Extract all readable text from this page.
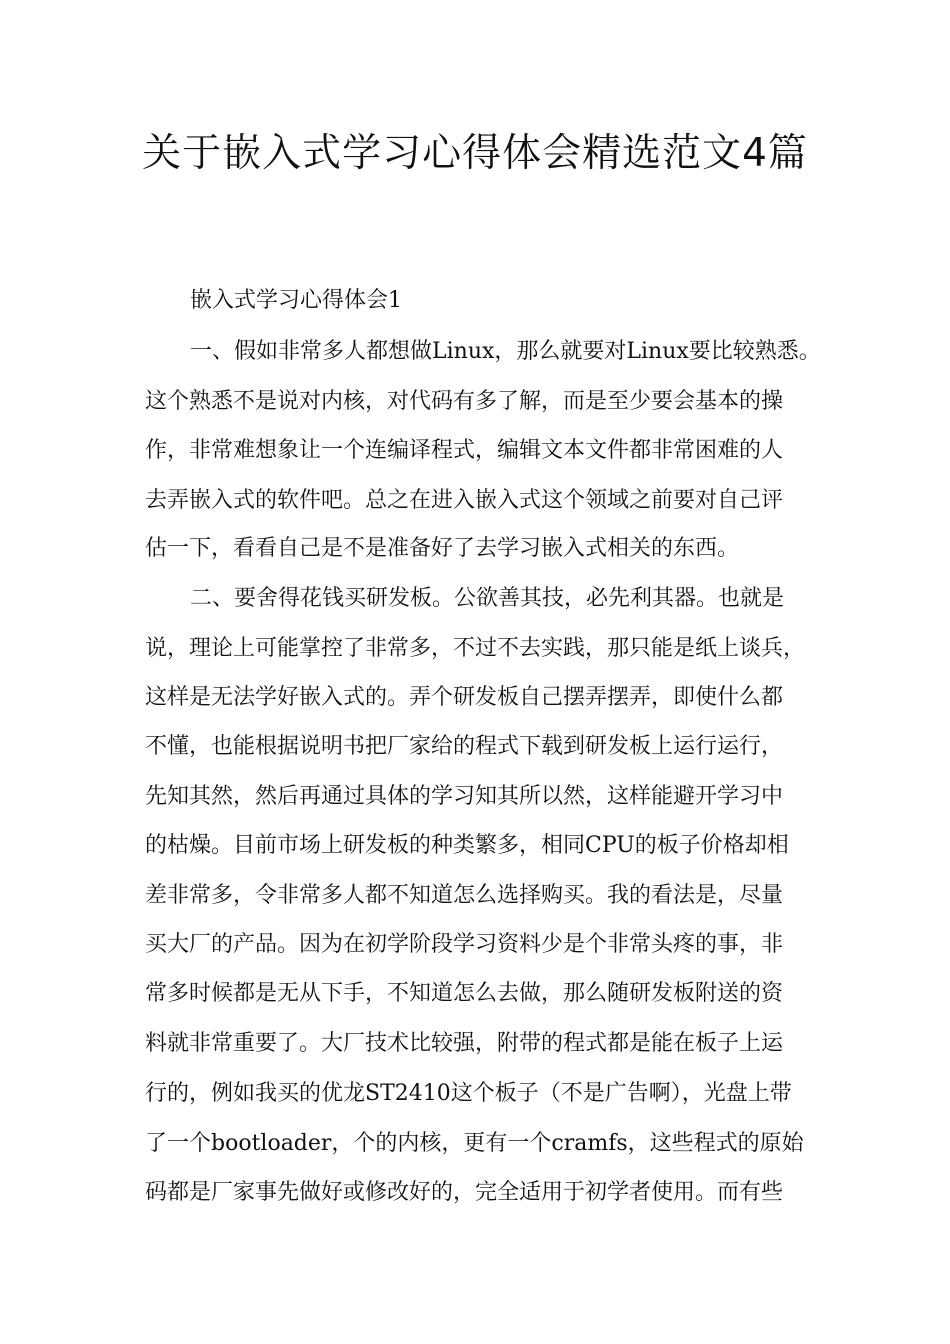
关于嵌入式学习心得体会精选范文4篇
嵌入式学习心得体会1
一、假如非常多人都想做Linux，那么就要对Linux要比较熟悉。
这个熟悉不是说对内核，对代码有多了解，而是至少要会基本的操
作，非常难想象让一个连编译程式，编辑文本文件都非常困难的人
去弄嵌入式的软件吧。总之在进入嵌入式这个领域之前要对自己评
估一下，看看自己是不是准备好了去学习嵌入式相关的东西。
二、要舍得花钱买研发板。公欲善其技，必先利其器。也就是
说，理论上可能掌控了非常多，不过不去实践，那只能是纸上谈兵，
这样是无法学好嵌入式的。弄个研发板自己摆弄摆弄，即使什么都
不懂，也能根据说明书把厂家给的程式下载到研发板上运行运行，
先知其然，然后再通过具体的学习知其所以然，这样能避开学习中
的枯燥。目前市场上研发板的种类繁多，相同CPU的板子价格却相
差非常多，令非常多人都不知道怎么选择购买。我的看法是，尽量
买大厂的产品。因为在初学阶段学习资料少是个非常头疼的事，非
常多时候都是无从下手，不知道怎么去做，那么随研发板附送的资
料就非常重要了。大厂技术比较强，附带的程式都是能在板子上运
行的，例如我买的优龙ST2410这个板子（不是广告啊），光盘上带
了一个bootloader，个的内核，更有一个cramfs，这些程式的原始
码都是厂家事先做好或修改好的，完全适用于初学者使用。而有些
